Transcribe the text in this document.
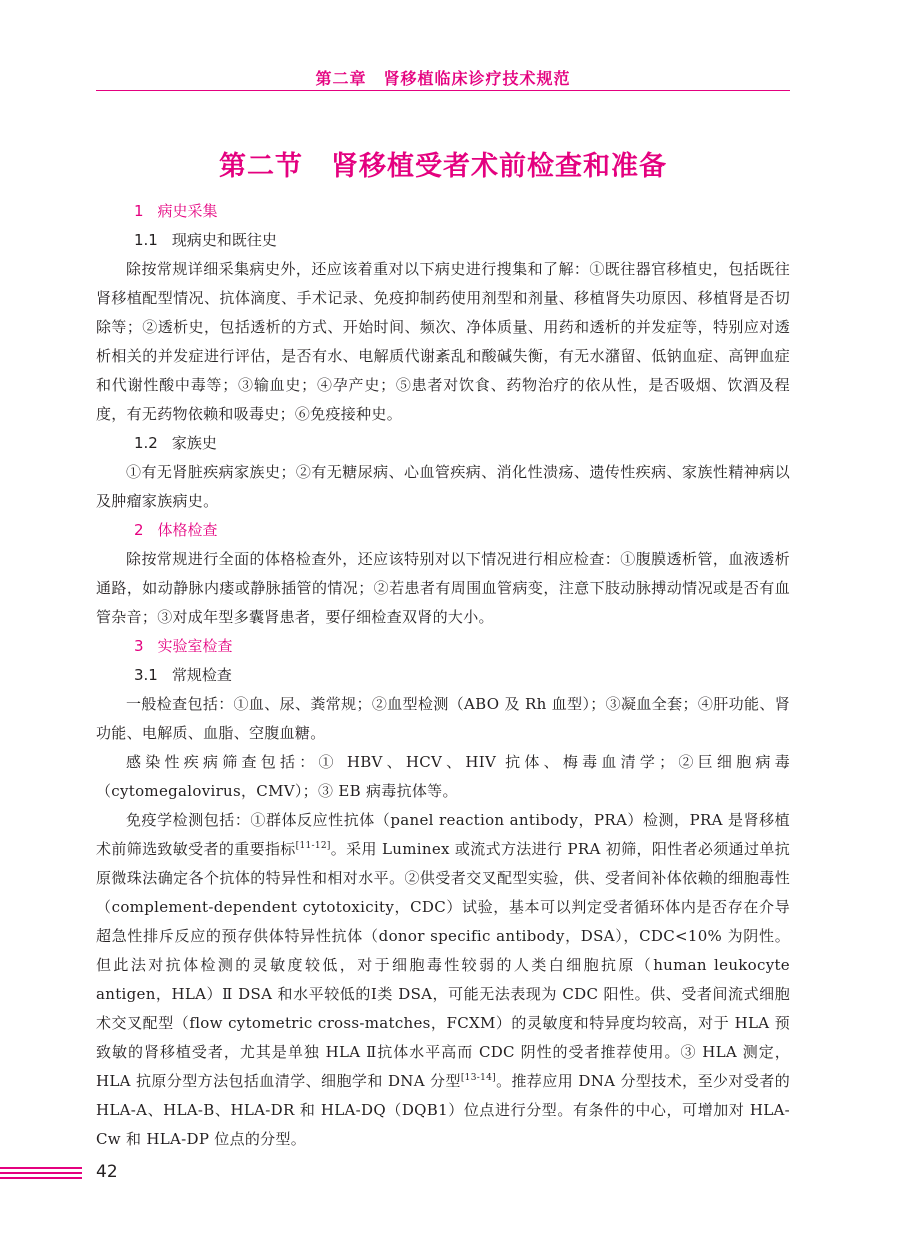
第二章　肾移植临床诊疗技术规范
第二节　肾移植受者术前检查和准备
1 病史采集
1.1 现病史和既往史

除按常规详细采集病史外，还应该着重对以下病史进行搜集和了解：①既往器官移植史，包括既往肾移植配型情况、抗体滴度、手术记录、免疫抑制药使用剂型和剂量、移植肾失功原因、移植肾是否切除等；②透析史，包括透析的方式、开始时间、频次、净体质量、用药和透析的并发症等，特别应对透析相关的并发症进行评估，是否有水、电解质代谢紊乱和酸碱失衡，有无水潴留、低钠血症、高钾血症和代谢性酸中毒等；③输血史；④孕产史；⑤患者对饮食、药物治疗的依从性，是否吸烟、饮酒及程度，有无药物依赖和吸毒史；⑥免疫接种史。

1.2 家族史

①有无肾脏疾病家族史；②有无糖尿病、心血管疾病、消化性溃疡、遗传性疾病、家族性精神病以及肿瘤家族病史。

2 体格检查

除按常规进行全面的体格检查外，还应该特别对以下情况进行相应检查：①腹膜透析管，血液透析通路，如动静脉内瘘或静脉插管的情况；②若患者有周围血管病变，注意下肢动脉搏动情况或是否有血管杂音；③对成年型多囊肾患者，要仔细检查双肾的大小。

3 实验室检查
3.1 常规检查

一般检查包括：①血、尿、粪常规；②血型检测（ABO 及 Rh 血型）；③凝血全套；④肝功能、肾功能、电解质、血脂、空腹血糖。

感染性疾病筛查包括：① HBV、HCV、HIV 抗体、梅毒血清学；②巨细胞病毒（cytomegalovirus，CMV）；③ EB 病毒抗体等。

免疫学检测包括：①群体反应性抗体（panel reaction antibody，PRA）检测，PRA 是肾移植术前筛选致敏受者的重要指标[11-12]。采用 Luminex 或流式方法进行 PRA 初筛，阳性者必须通过单抗原微珠法确定各个抗体的特异性和相对水平。②供受者交叉配型实验，供、受者间补体依赖的细胞毒性（complement-dependent cytotoxicity，CDC）试验，基本可以判定受者循环体内是否存在介导超急性排斥反应的预存供体特异性抗体（donor specific antibody，DSA），CDC<10% 为阴性。但此法对抗体检测的灵敏度较低，对于细胞毒性较弱的人类白细胞抗原（human leukocyte antigen，HLA）Ⅱ DSA 和水平较低的Ⅰ类 DSA，可能无法表现为 CDC 阳性。供、受者间流式细胞术交叉配型（flow cytometric cross-matches，FCXM）的灵敏度和特异度均较高，对于 HLA 预致敏的肾移植受者，尤其是单独 HLA Ⅱ抗体水平高而 CDC 阴性的受者推荐使用。③ HLA 测定，HLA 抗原分型方法包括血清学、细胞学和 DNA 分型[13-14]。推荐应用 DNA 分型技术，至少对受者的 HLA-A、HLA-B、HLA-DR 和 HLA-DQ（DQB1）位点进行分型。有条件的中心，可增加对 HLA-Cw 和 HLA-DP 位点的分型。

42
